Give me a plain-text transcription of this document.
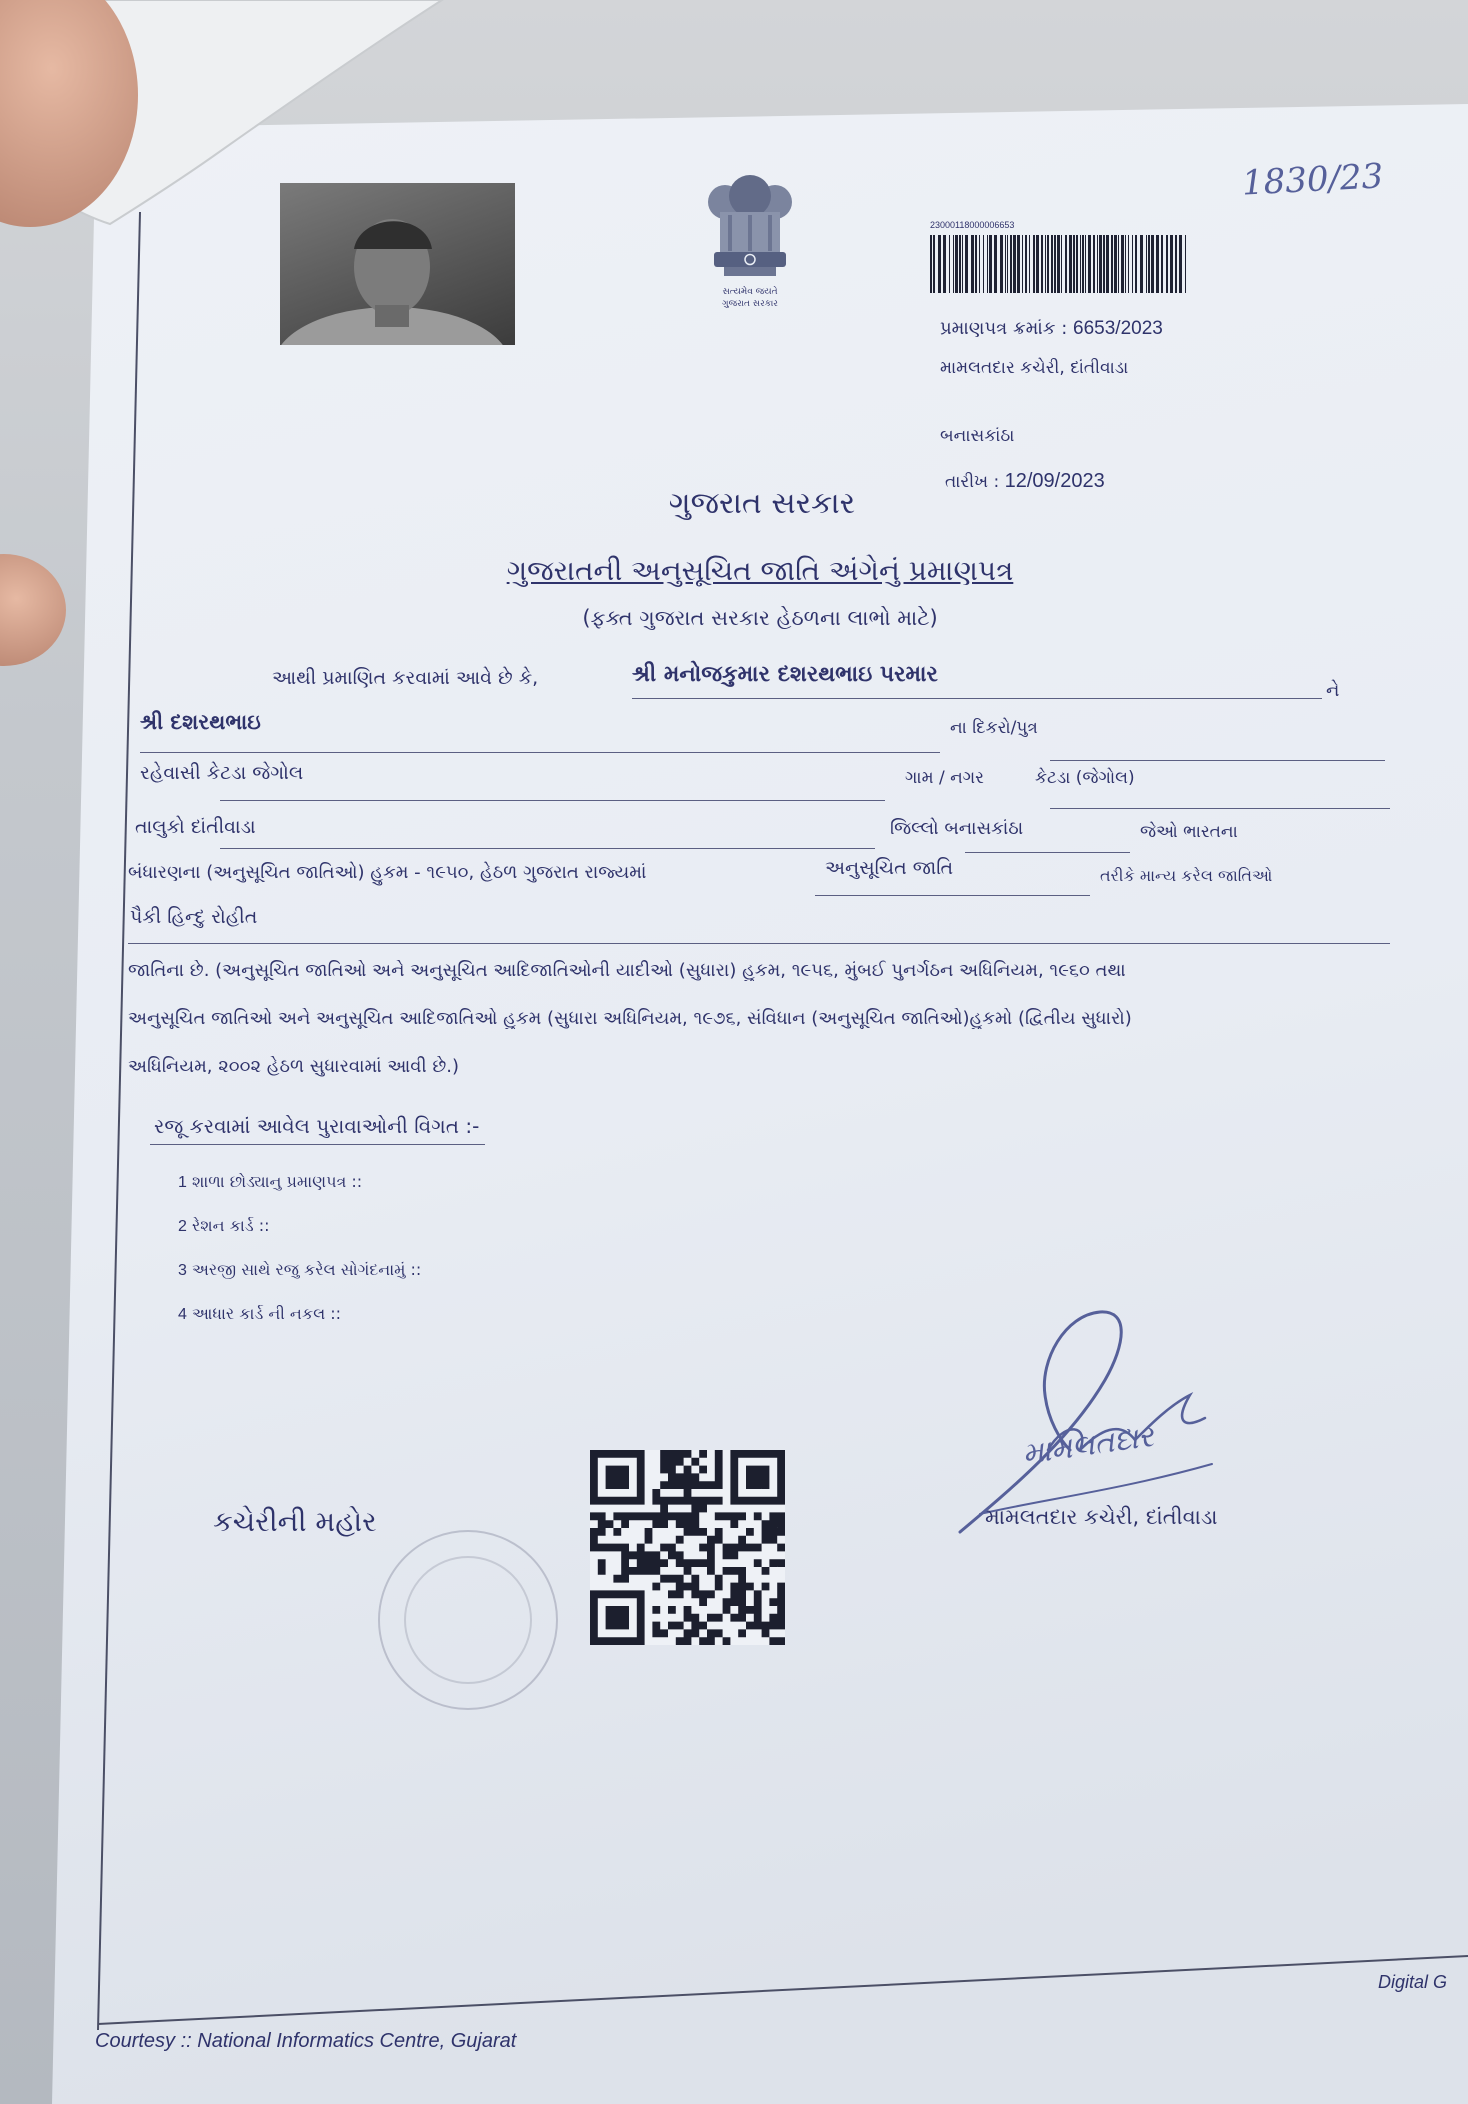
સત્યમેવ જયતે
ગુજરાત સરકાર
1830/23
23000118000006653
પ્રમાણપત્ર ક્રમાંક : 6653/2023
મામલતદાર કચેરી, દાંતીવાડા
બનાસકાંઠા
તારીખ : 12/09/2023
ગુજરાત સરકાર
ગુજરાતની અનુસૂચિત જાતિ અંગેનું પ્રમાણપત્ર
(ફક્ત ગુજરાત સરકાર હેઠળના લાભો માટે)
આથી પ્રમાણિત કરવામાં આવે છે કે,	શ્રી મનોજકુમાર દશરથભાઇ પરમાર
ને
શ્રી દશરથભાઇ	ના દિકરો/પુત્ર
રહેવાસી કેટડા જેગોલ	ગામ / નગર	કેટડા (જેગોલ)
તાલુકો દાંતીવાડા	જિલ્લો બનાસકાંઠા	જેઓ ભારતના
બંધારણના (અનુસૂચિત જાતિઓ) હુકમ - ૧૯૫૦, હેઠળ ગુજરાત રાજ્યમાં	અનુસૂચિત જાતિ	તરીકે માન્ય કરેલ જાતિઓ
પૈકી હિન્દુ રોહીત
જાતિના છે. (અનુસૂચિત જાતિઓ અને અનુસૂચિત આદિજાતિઓની યાદીઓ (સુધારા) હુકમ, ૧૯૫૬, મુંબઈ પુનર્ગઠન અધિનિયમ, ૧૯૬૦ તથા
અનુસૂચિત જાતિઓ અને અનુસૂચિત આદિજાતિઓ હુકમ (સુધારા અધિનિયમ, ૧૯૭૬, સંવિધાન (અનુસૂચિત જાતિઓ)હુકમો (દ્વિતીય સુધારો)
અધિનિયમ, ૨૦૦૨ હેઠળ સુધારવામાં આવી છે.)
રજૂ કરવામાં આવેલ પુરાવાઓની વિગત :-
1 શાળા છોડ્યાનુ પ્રમાણપત્ર ::
2 રેશન કાર્ડ ::
3 અરજી સાથે રજુ કરેલ સોગંદનામું ::
4 આધાર કાર્ડ ની નકલ ::
કચેરીની મહોર
મામલતદાર
મામલતદાર કચેરી, દાંતીવાડા
Digital G
Courtesy :: National Informatics Centre, Gujarat
